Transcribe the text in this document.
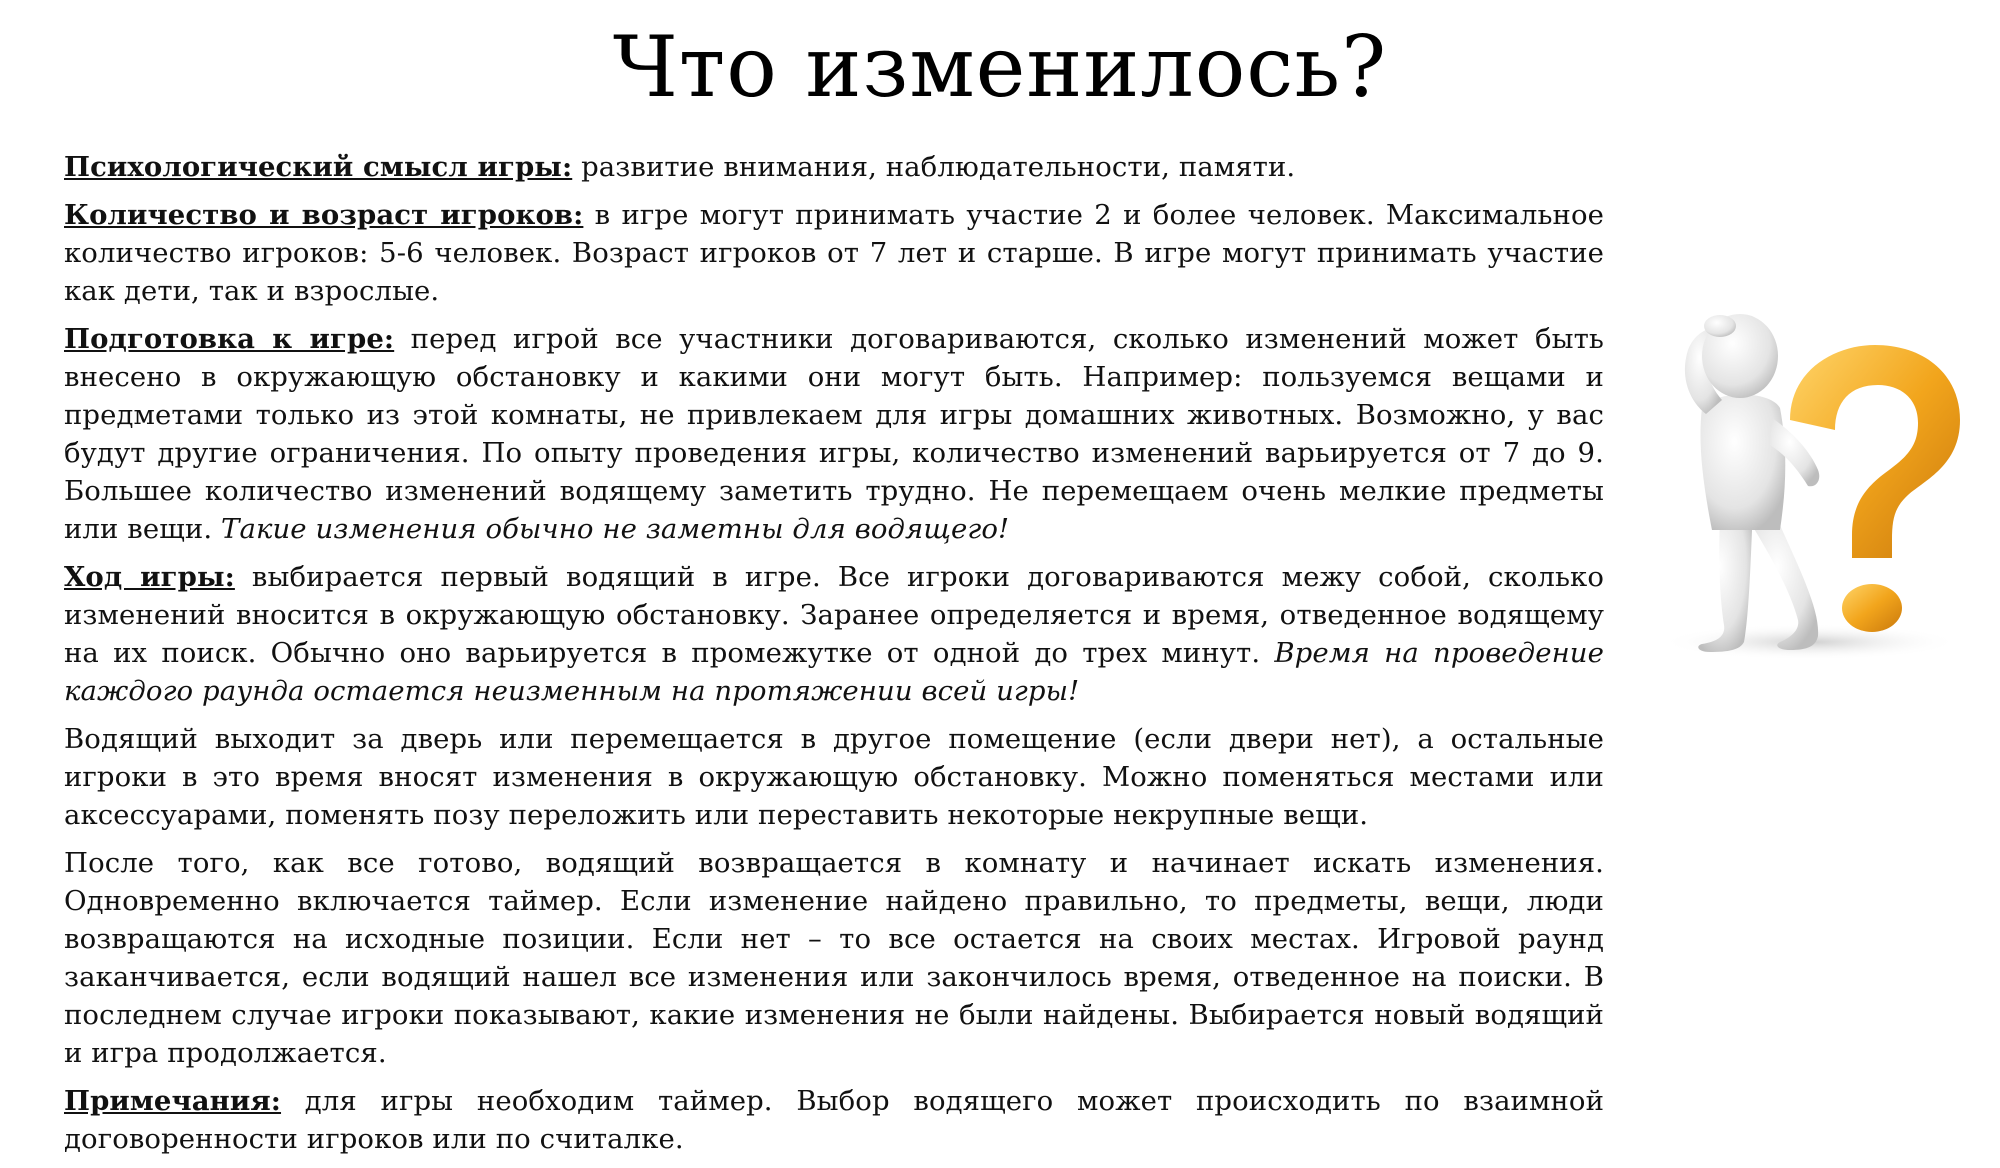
Что изменилось?

Психологический смысл игры: развитие внимания, наблюдательности, памяти.

Количество и возраст игроков: в игре могут принимать участие 2 и более человек. Максимальное количество игроков: 5-6 человек. Возраст игроков от 7 лет и старше. В игре могут принимать участие как дети, так и взрослые.

Подготовка к игре: перед игрой все участники договариваются, сколько изменений может быть внесено в окружающую обстановку и какими они могут быть. Например: пользуемся вещами и предметами только из этой комнаты, не привлекаем для игры домашних животных. Возможно, у вас будут другие ограничения. По опыту проведения игры, количество изменений варьируется от 7 до 9. Большее количество изменений водящему заметить трудно. Не перемещаем очень мелкие предметы или вещи. Такие изменения обычно не заметны для водящего!

Ход игры: выбирается первый водящий в игре. Все игроки договариваются межу собой, сколько изменений вносится в окружающую обстановку. Заранее определяется и время, отведенное водящему на их поиск. Обычно оно варьируется в промежутке от одной до трех минут. Время на проведение каждого раунда остается неизменным на протяжении всей игры!

Водящий выходит за дверь или перемещается в другое помещение (если двери нет), а остальные игроки в это время вносят изменения в окружающую обстановку. Можно поменяться местами или аксессуарами, поменять позу переложить или переставить некоторые некрупные вещи.

После того, как все готово, водящий возвращается в комнату и начинает искать изменения. Одновременно включается таймер. Если изменение найдено правильно, то предметы, вещи, люди возвращаются на исходные позиции. Если нет – то все остается на своих местах. Игровой раунд заканчивается, если водящий нашел все изменения или закончилось время, отведенное на поиски. В последнем случае игроки показывают, какие изменения не были найдены. Выбирается новый водящий и игра продолжается.

Примечания: для игры необходим таймер. Выбор водящего может происходить по взаимной договоренности игроков или по считалке.
